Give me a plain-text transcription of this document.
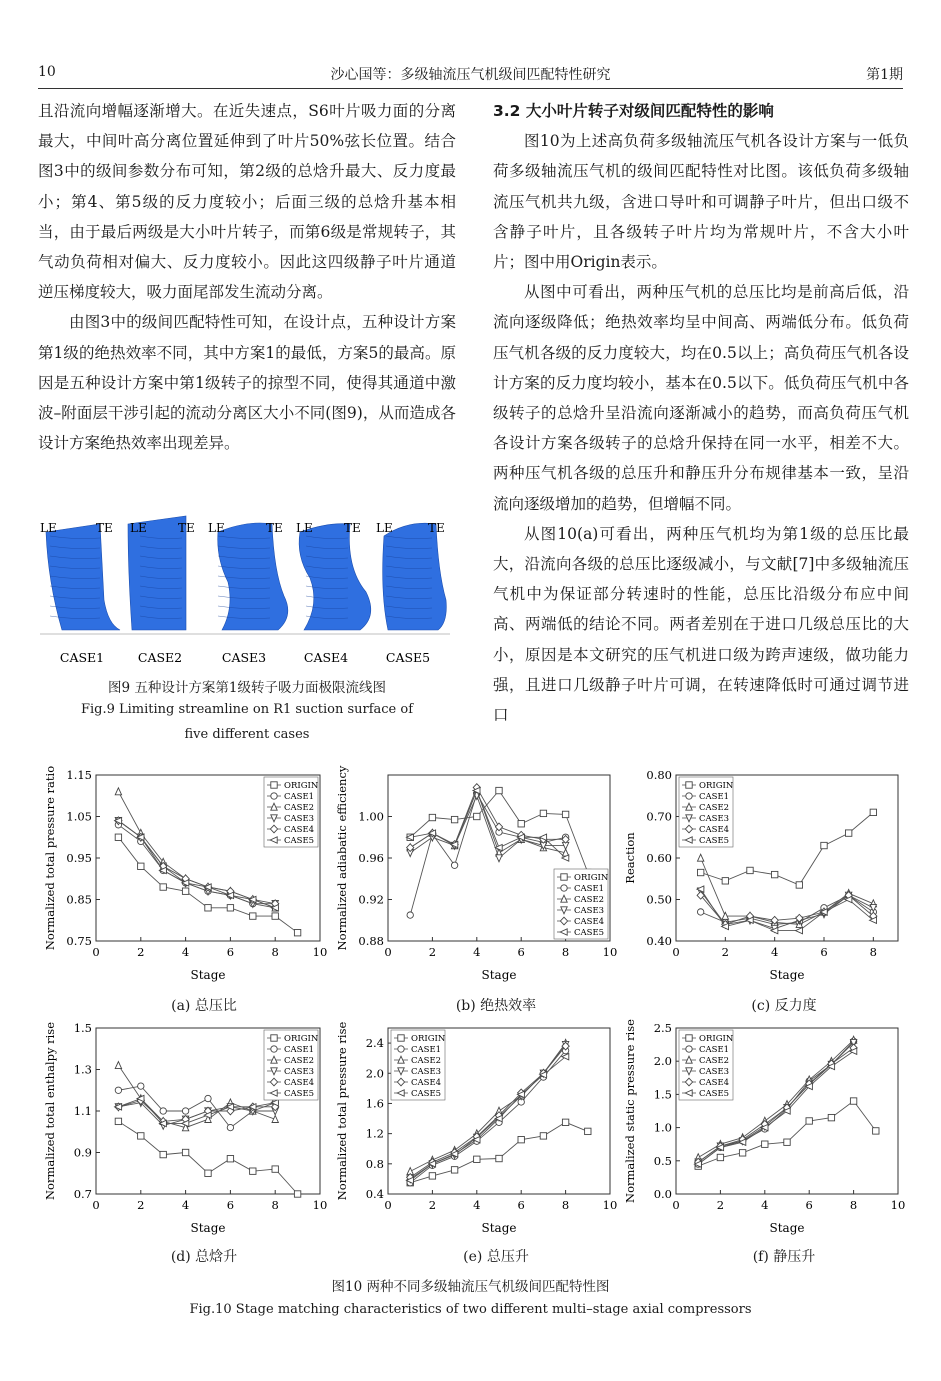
10	沙心国等：多级轴流压气机级间匹配特性研究	第1期

且沿流向增幅逐渐增大。在近失速点，S6叶片吸力面的分离最大，中间叶高分离位置延伸到了叶片50%弦长位置。结合图3中的级间参数分布可知，第2级的总焓升最大、反力度最小；第4、第5级的反力度较小；后面三级的总焓升基本相当，由于最后两级是大小叶片转子，而第6级是常规转子，其气动负荷相对偏大、反力度较小。因此这四级静子叶片通道逆压梯度较大，吸力面尾部发生流动分离。

由图3中的级间匹配特性可知，在设计点，五种设计方案第1级的绝热效率不同，其中方案1的最低，方案5的最高。原因是五种设计方案中第1级转子的掠型不同，使得其通道中激波–附面层干涉引起的流动分离区大小不同(图9)，从而造成各设计方案绝热效率出现差异。

3.2 大小叶片转子对级间匹配特性的影响

图10为上述高负荷多级轴流压气机各设计方案与一低负荷多级轴流压气机的级间匹配特性对比图。该低负荷多级轴流压气机共九级，含进口导叶和可调静子叶片，但出口级不含静子叶片，且各级转子叶片均为常规叶片，不含大小叶片；图中用Origin表示。

从图中可看出，两种压气机的总压比均是前高后低，沿流向逐级降低；绝热效率均呈中间高、两端低分布。低负荷压气机各级的反力度较大，均在0.5以上；高负荷压气机各设计方案的反力度均较小，基本在0.5以下。低负荷压气机中各级转子的总焓升呈沿流向逐渐减小的趋势，而高负荷压气机各设计方案各级转子的总焓升保持在同一水平，相差不大。两种压气机各级的总压升和静压升分布规律基本一致，呈沿流向逐级增加的趋势，但增幅不同。

从图10(a)可看出，两种压气机均为第1级的总压比最大，沿流向各级的总压比逐级减小，与文献[7]中多级轴流压气机中为保证部分转速时的性能，总压比沿级分布应中间高、两端低的结论不同。两者差别在于进口几级总压比的大小，原因是本文研究的压气机进口级为跨声速级，做功能力强，且进口几级静子叶片可调，在转速降低时可通过调节进口

LE	TE
CASE1
LE	TE
CASE2
LE	TE
CASE3
LE	TE
CASE4
LE	TE
CASE5
图9 五种设计方案第1级转子吸力面极限流线图
Fig.9 Limiting streamline on R1 suction surface of
five different cases
0	2	4	6	8	10
0.75
0.85
0.95
1.05
1.15
Stage
Normalized total pressure ratio	ORIGIN
CASE1
CASE2
CASE3
CASE4
CASE5
0	2	4	6	8	10
0.88
0.92
0.96
1.00
Stage
Normalized adiabatic efficiency	ORIGIN
CASE1
CASE2
CASE3
CASE4
CASE5
0	2	4	6	8
0.40
0.50
0.60
0.70
0.80
Stage
Reaction
ORIGIN
CASE1
CASE2
CASE3
CASE4
CASE5
0	2	4	6	8	10
0.7
0.9
1.1
1.3
1.5
Stage
Normalized total enthalpy rise	ORIGIN
CASE1
CASE2
CASE3
CASE4
CASE5
0	2	4	6	8	10
0.4
0.8
1.2
1.6
2.0
2.4
Stage
Normalized total pressure rise	ORIGIN
CASE1
CASE2
CASE3
CASE4
CASE5
0	2	4	6	8	10
0.0
0.5
1.0
1.5
2.0
2.5
Stage
Normalized static pressure rise	ORIGIN
CASE1
CASE2
CASE3
CASE4
CASE5
(a) 总压比	(b) 绝热效率	(c) 反力度
(d) 总焓升	(e) 总压升	(f) 静压升
图10 两种不同多级轴流压气机级间匹配特性图
Fig.10 Stage matching characteristics of two different multi–stage axial compressors
